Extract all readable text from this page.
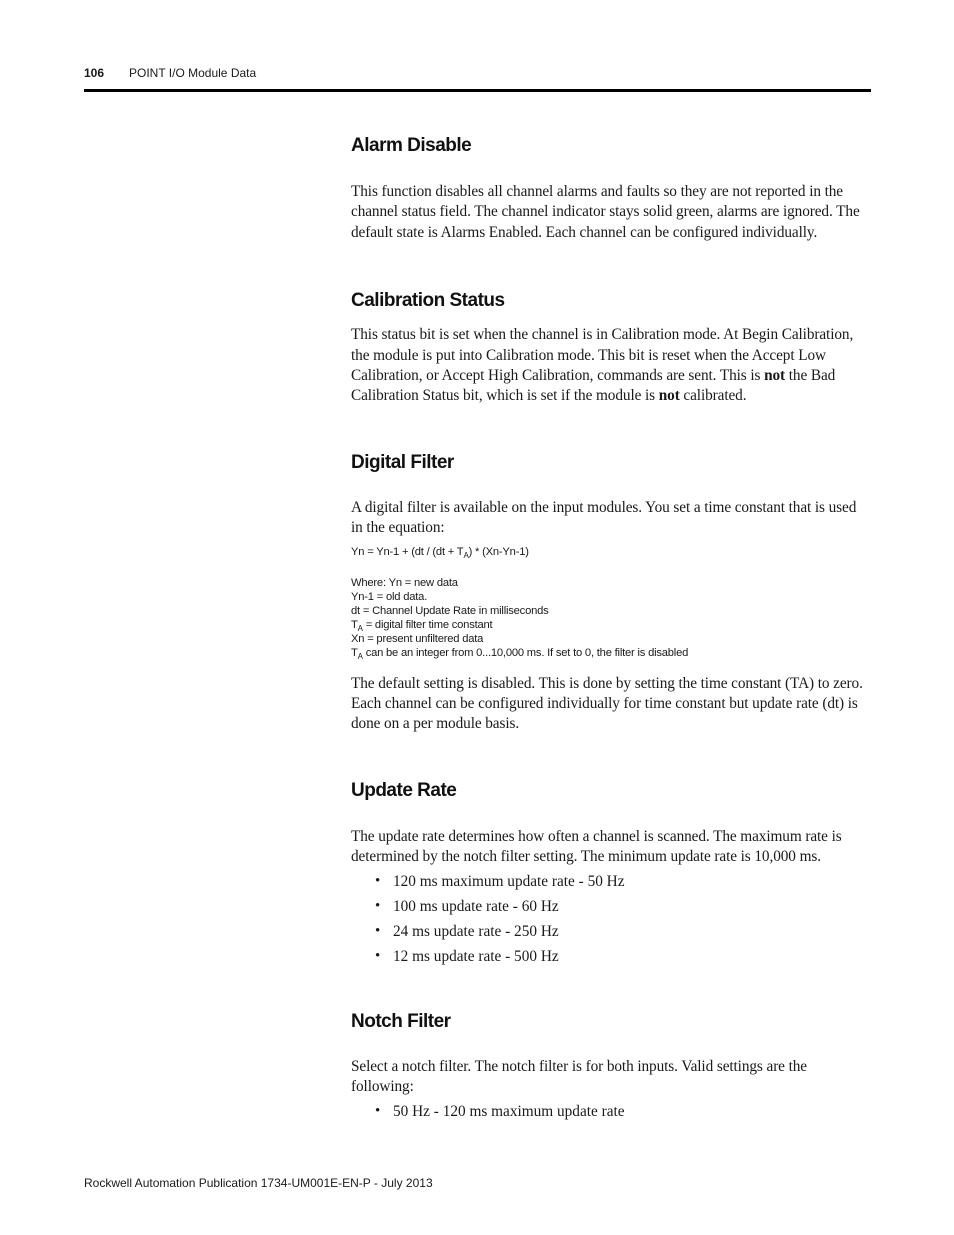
106 POINT I/O Module Data
Alarm Disable

This function disables all channel alarms and faults so they are not reported in the channel status field. The channel indicator stays solid green, alarms are ignored. The default state is Alarms Enabled. Each channel can be configured individually.

Calibration Status

This status bit is set when the channel is in Calibration mode. At Begin Calibration, the module is put into Calibration mode. This bit is reset when the Accept Low Calibration, or Accept High Calibration, commands are sent. This is not the Bad Calibration Status bit, which is set if the module is not calibrated.

Digital Filter

A digital filter is available on the input modules. You set a time constant that is used in the equation:

$Yn = Yn-1 + (dt / (dt + T_A) * (Xn-Yn-1)$
Where: Yn = new data
Yn-1 = old data.
dt = Channel Update Rate in milliseconds
$T_A$ = digital filter time constant
Xn = present unfiltered data
$T_A$ can be an integer from 0...10,000 ms. If set to 0, the filter is disabled

The default setting is disabled. This is done by setting the time constant (TA) to zero. Each channel can be configured individually for time constant but update rate (dt) is done on a per module basis.

Update Rate

The update rate determines how often a channel is scanned. The maximum rate is determined by the notch filter setting. The minimum update rate is 10,000 ms.

• 120 ms maximum update rate - 50 Hz
• 100 ms update rate - 60 Hz
• 24 ms update rate - 250 Hz
• 12 ms update rate - 500 Hz
Notch Filter

Select a notch filter. The notch filter is for both inputs. Valid settings are the following:

• 50 Hz - 120 ms maximum update rate
Rockwell Automation Publication 1734-UM001E-EN-P - July 2013
